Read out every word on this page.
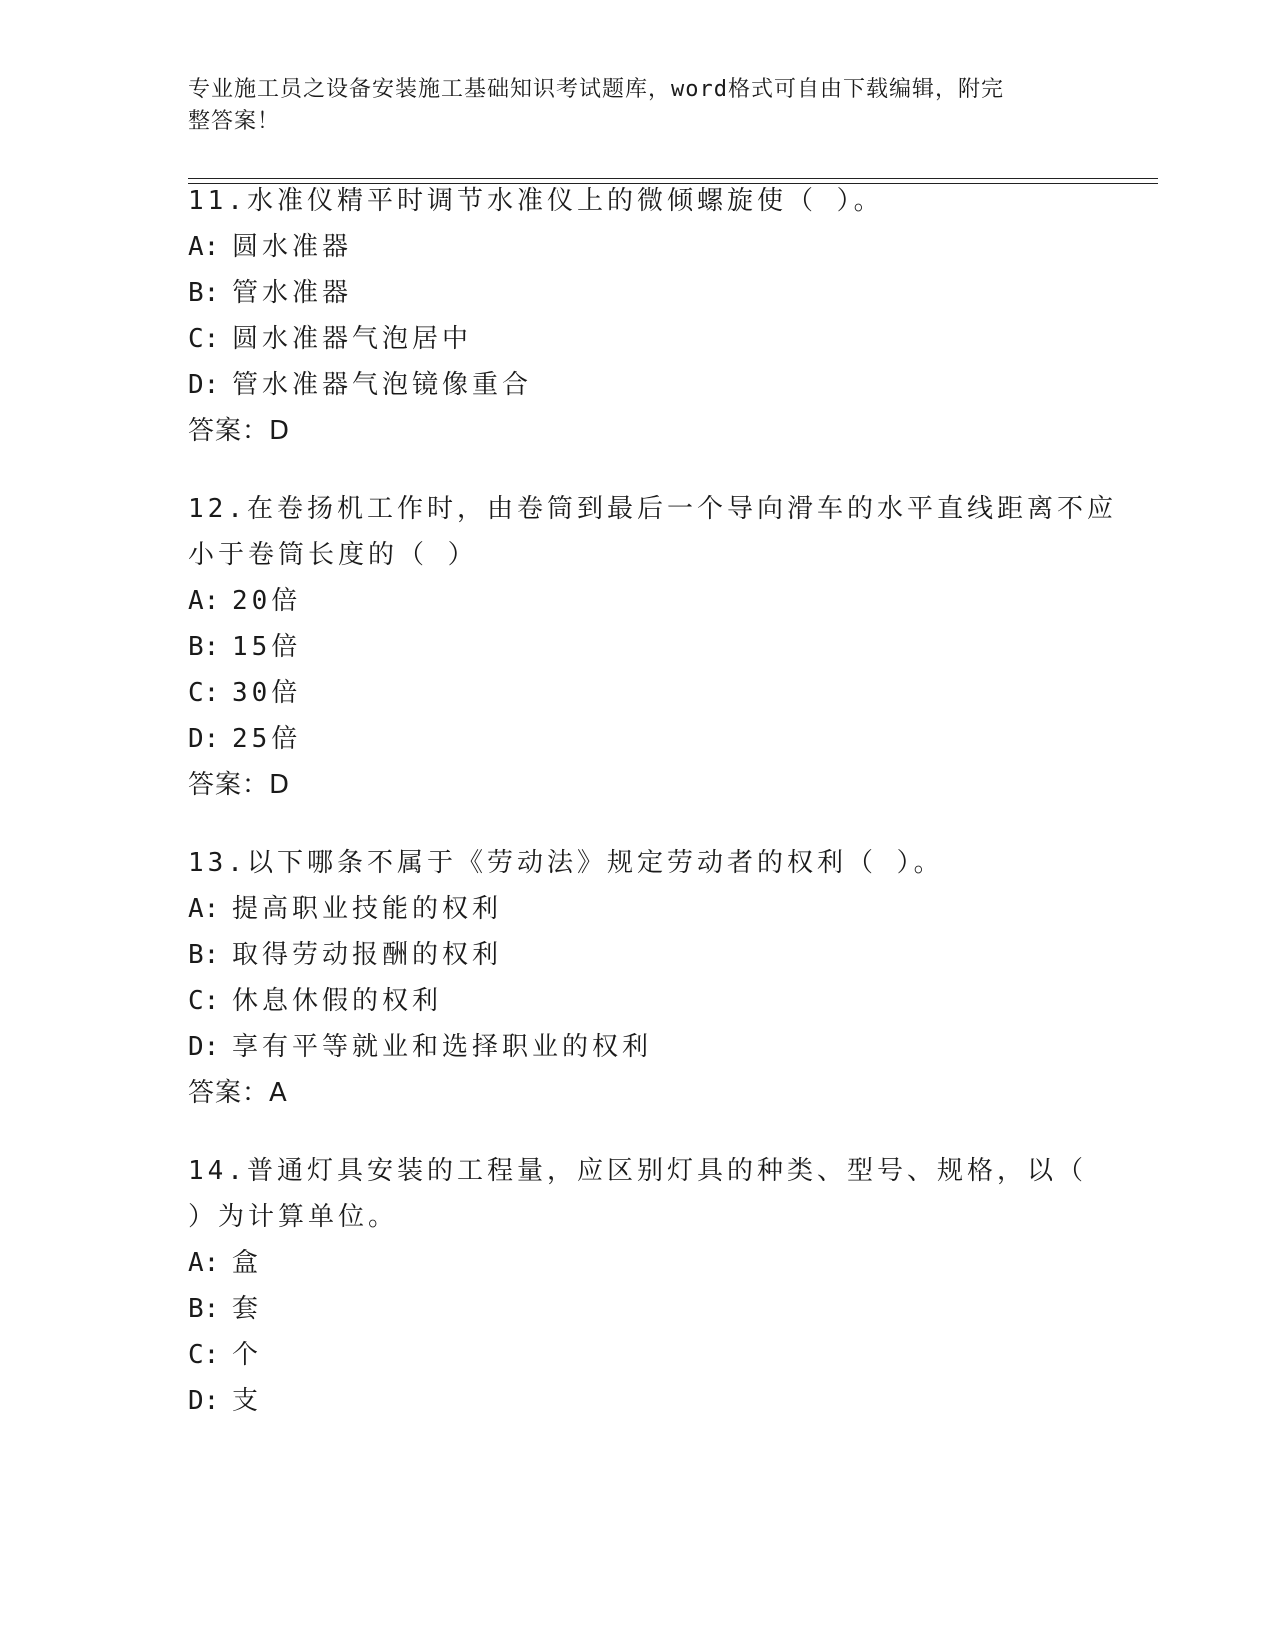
专业施工员之设备安装施工基础知识考试题库，word格式可自由下载编辑，附完
整答案！
11.水准仪精平时调节水准仪上的微倾螺旋使（ ）。
A: 圆水准器
B: 管水准器
C: 圆水准器气泡居中
D: 管水准器气泡镜像重合
答案：D
12.在卷扬机工作时，由卷筒到最后一个导向滑车的水平直线距离不应
小于卷筒长度的（ ）
A: 20倍
B: 15倍
C: 30倍
D: 25倍
答案：D
13.以下哪条不属于《劳动法》规定劳动者的权利（ ）。
A: 提高职业技能的权利
B: 取得劳动报酬的权利
C: 休息休假的权利
D: 享有平等就业和选择职业的权利
答案：A
14.普通灯具安装的工程量，应区别灯具的种类、型号、规格，以（
）为计算单位。
A: 盒
B: 套
C: 个
D: 支
